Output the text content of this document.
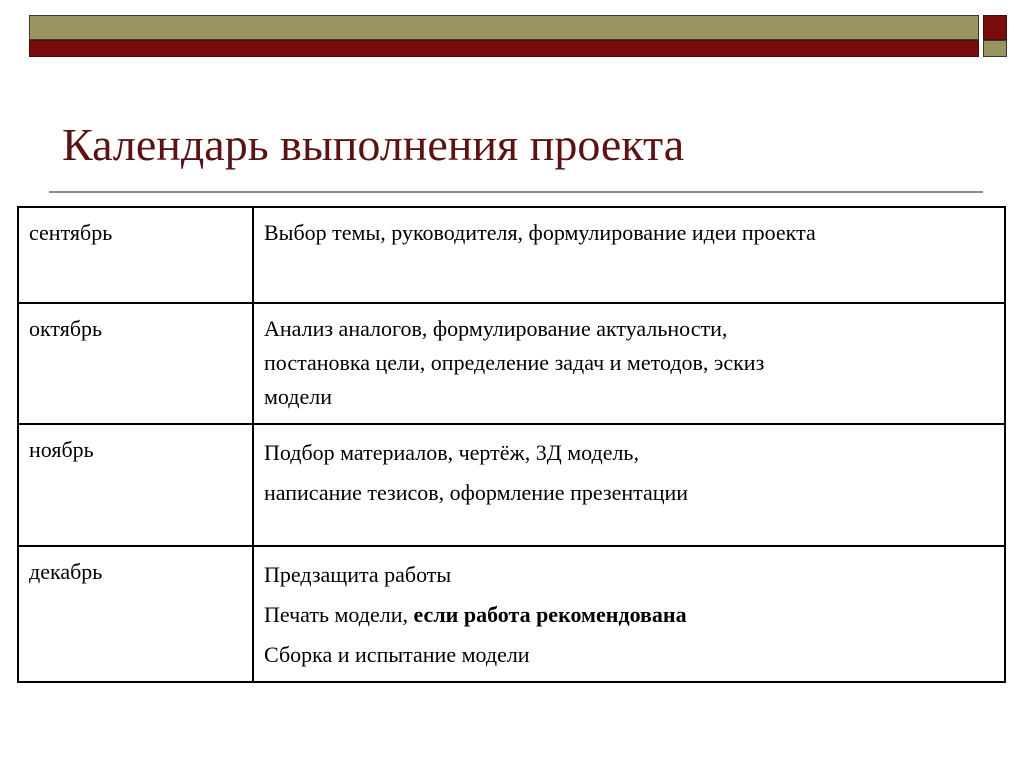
Календарь выполнения проекта
сентябрь	Выбор темы, руководителя, формулирование идеи проекта

октябрь	Анализ аналогов, формулирование актуальности,
постановка цели, определение задач и методов, эскиз
модели

ноябрь	Подбор материалов, чертёж, 3Д модель,
написание тезисов, оформление презентации

декабрь	Предзащита работы
Печать модели, если работа рекомендована
Сборка и испытание модели
